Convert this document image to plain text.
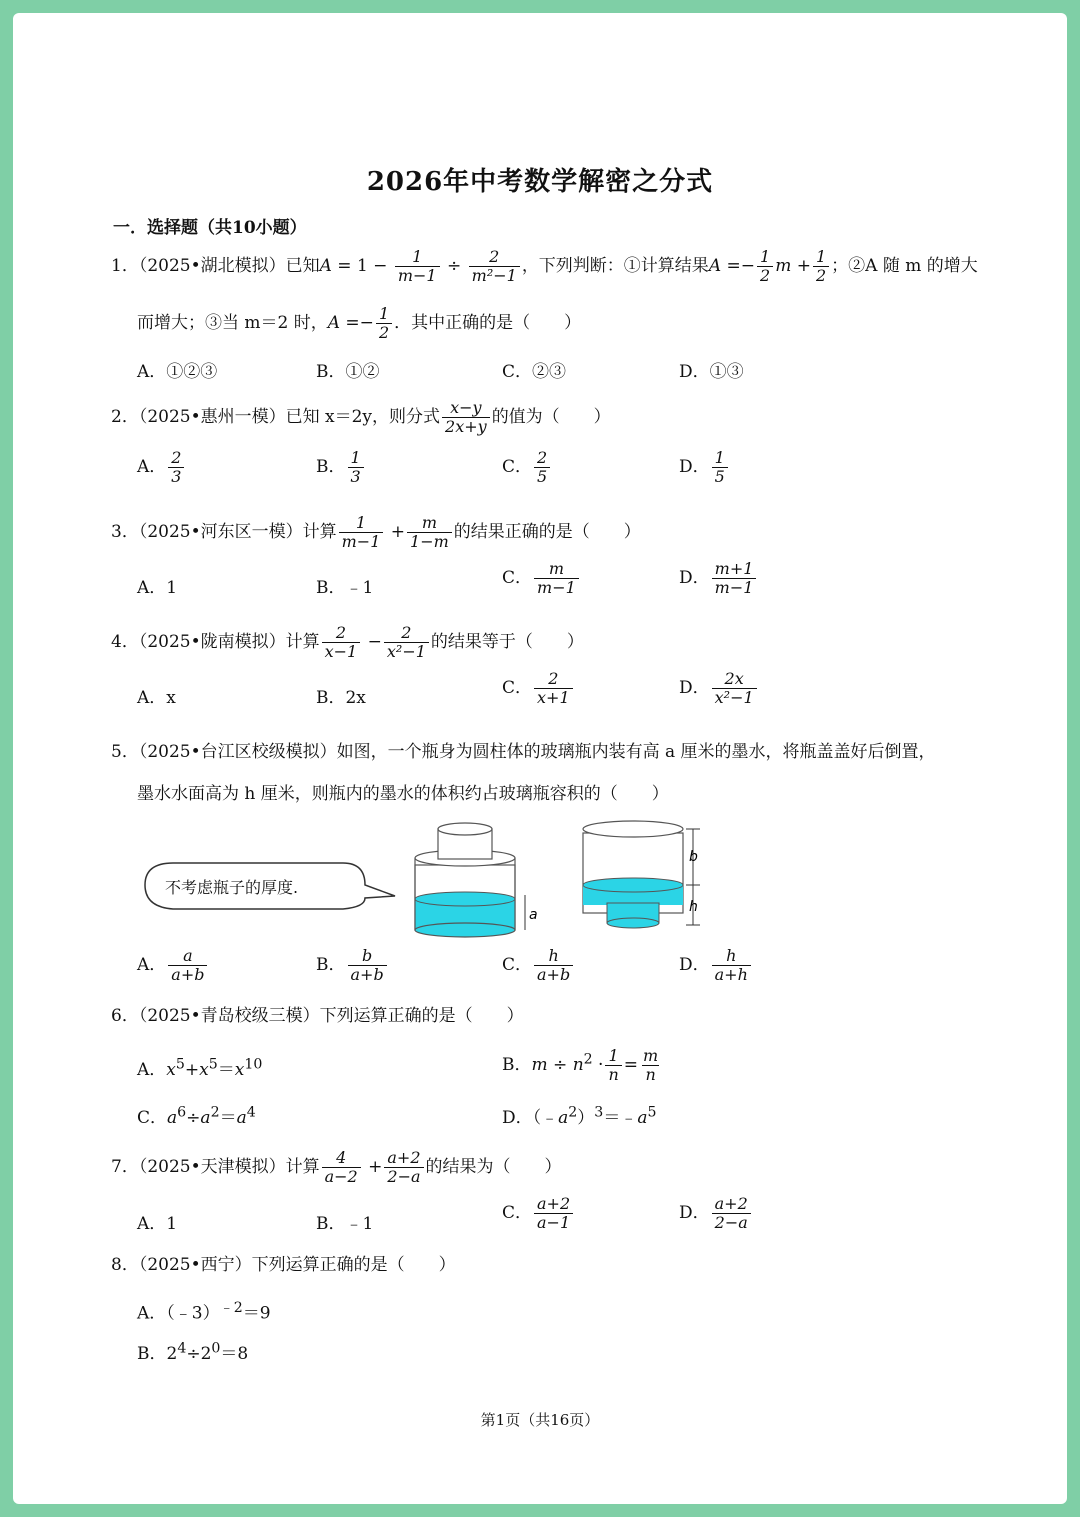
2026年中考数学解密之分式
一．选择题（共10小题）
1．（2025•湖北模拟）已知$A = 1 - \frac{1}{m-1} \div \frac{2}{\text{m²−1}}$ ，下列判断：①计算结果$A =- \frac{1}{2}$ $m + \frac{1}{2}$ ；②A 随 m 的增大
而增大；③当 m＝2 时，$A =- \frac{1}{2}$ ．其中正确的是（　　）
A．①②③	B．①②	C．②③	D．①③
2．（2025•惠州一模）已知 x＝2y，则分式 $\frac{x-y}{2x+y}$ 的值为（　　）
A． $\frac{2}{3}$	B． $\frac{1}{3}$	C． $\frac{2}{5}$	D． $\frac{1}{5}$
3．（2025•河东区一模）计算 $\frac{1}{m-1} + \frac{m}{1-m}$ 的结果正确的是（　　）
A．1	B．﹣1	C． $\frac{m}{m-1}$	D． $\frac{m+1}{m-1}$
4．（2025•陇南模拟）计算 $\frac{2}{x-1} - \frac{2}{\text{x²−1}}$ 的结果等于（　　）
A．x	B．2x	C． $\frac{2}{x+1}$	D． $\frac{2x}{\text{x²−1}}$
5．（2025•台江区校级模拟）如图，一个瓶身为圆柱体的玻璃瓶内装有高 a 厘米的墨水，将瓶盖盖好后倒置，
墨水水面高为 h 厘米，则瓶内的墨水的体积约占玻璃瓶容积的（　　）
不考虑瓶子的厚度.
a
b
h
A． $\frac{a}{a+b}$	B． $\frac{b}{a+b}$	C． $\frac{h}{a+b}$	D． $\frac{h}{a+h}$
6．（2025•青岛校级三模）下列运算正确的是（　　）
A．$x^5+x^5=x^{10}$	B．$m \div n^2 \cdot \frac{1}{n} = \frac{m}{n}$
C．$a^6\div a^2=a^4$	D．$(﹣a^2)^3=﹣a^5$
7．（2025•天津模拟）计算 $\frac{4}{a-2} + \frac{a+2}{2-a}$ 的结果为（　　）
A．1	B．﹣1
C． $\frac{a+2}{a-1}$	D． $\frac{a+2}{2-a}$
8．（2025•西宁）下列运算正确的是（　　）
A．（﹣3）$^{﹣2}$＝9
B．$2^4\div 2^0=8$
第1页（共16页）
